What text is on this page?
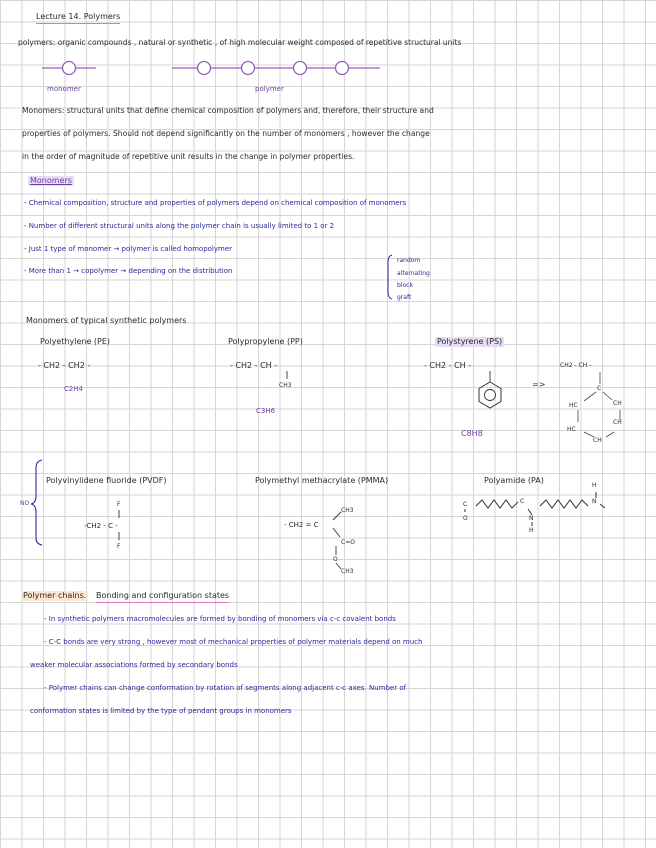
Lecture 14. Polymers
polymers: organic compounds , natural or synthetic , of high molecular weight composed of repetitive structural units
monomer	polymer
Monomers: structural units that define chemical composition of polymers and, therefore, their structure and
properties of polymers. Should not depend significantly on the number of monomers , however the change
in the order of magnitude of repetitive unit results in the change in polymer properties.
Monomers
- Chemical composition, structure and properties of polymers depend on chemical composition of monomers
- Number of different structural units along the polymer chain is usually limited to 1 or 2
- Just 1 type of monomer → polymer is called homopolymer
- More than 1 → copolymer → depending on the distribution
random
alternating
block
graft
Monomers of typical synthetic polymers
Polyethylene (PE)
- CH2 - CH2 -
C2H4
Polypropylene (PP)
- CH2 - CH -
CH3
C3H6
Polystyrene (PS)
- CH2 - CH -
C8H8
=>
CH2 - CH -
C
HC	CH
HC
CH
CH
NO
Polyvinylidene fluoride (PVDF)
F
-CH2 - C -
F
Polymethyl methacrylate (PMMA)
CH3
- CH2 = C
C=O
O
CH3
Polyamide (PA)
C
O
C
N
H
H
N
Polymer chains. Bonding and configuration states
- In synthetic polymers macromolecules are formed by bonding of monomers via c-c covalent bonds
- C-C bonds are very strong , however most of mechanical properties of polymer materials depend on much
weaker molecular associations formed by secondary bonds
- Polymer chains can change conformation by rotation of segments along adjacent c-c axes. Number of
conformation states is limited by the type of pendant groups in monomers
